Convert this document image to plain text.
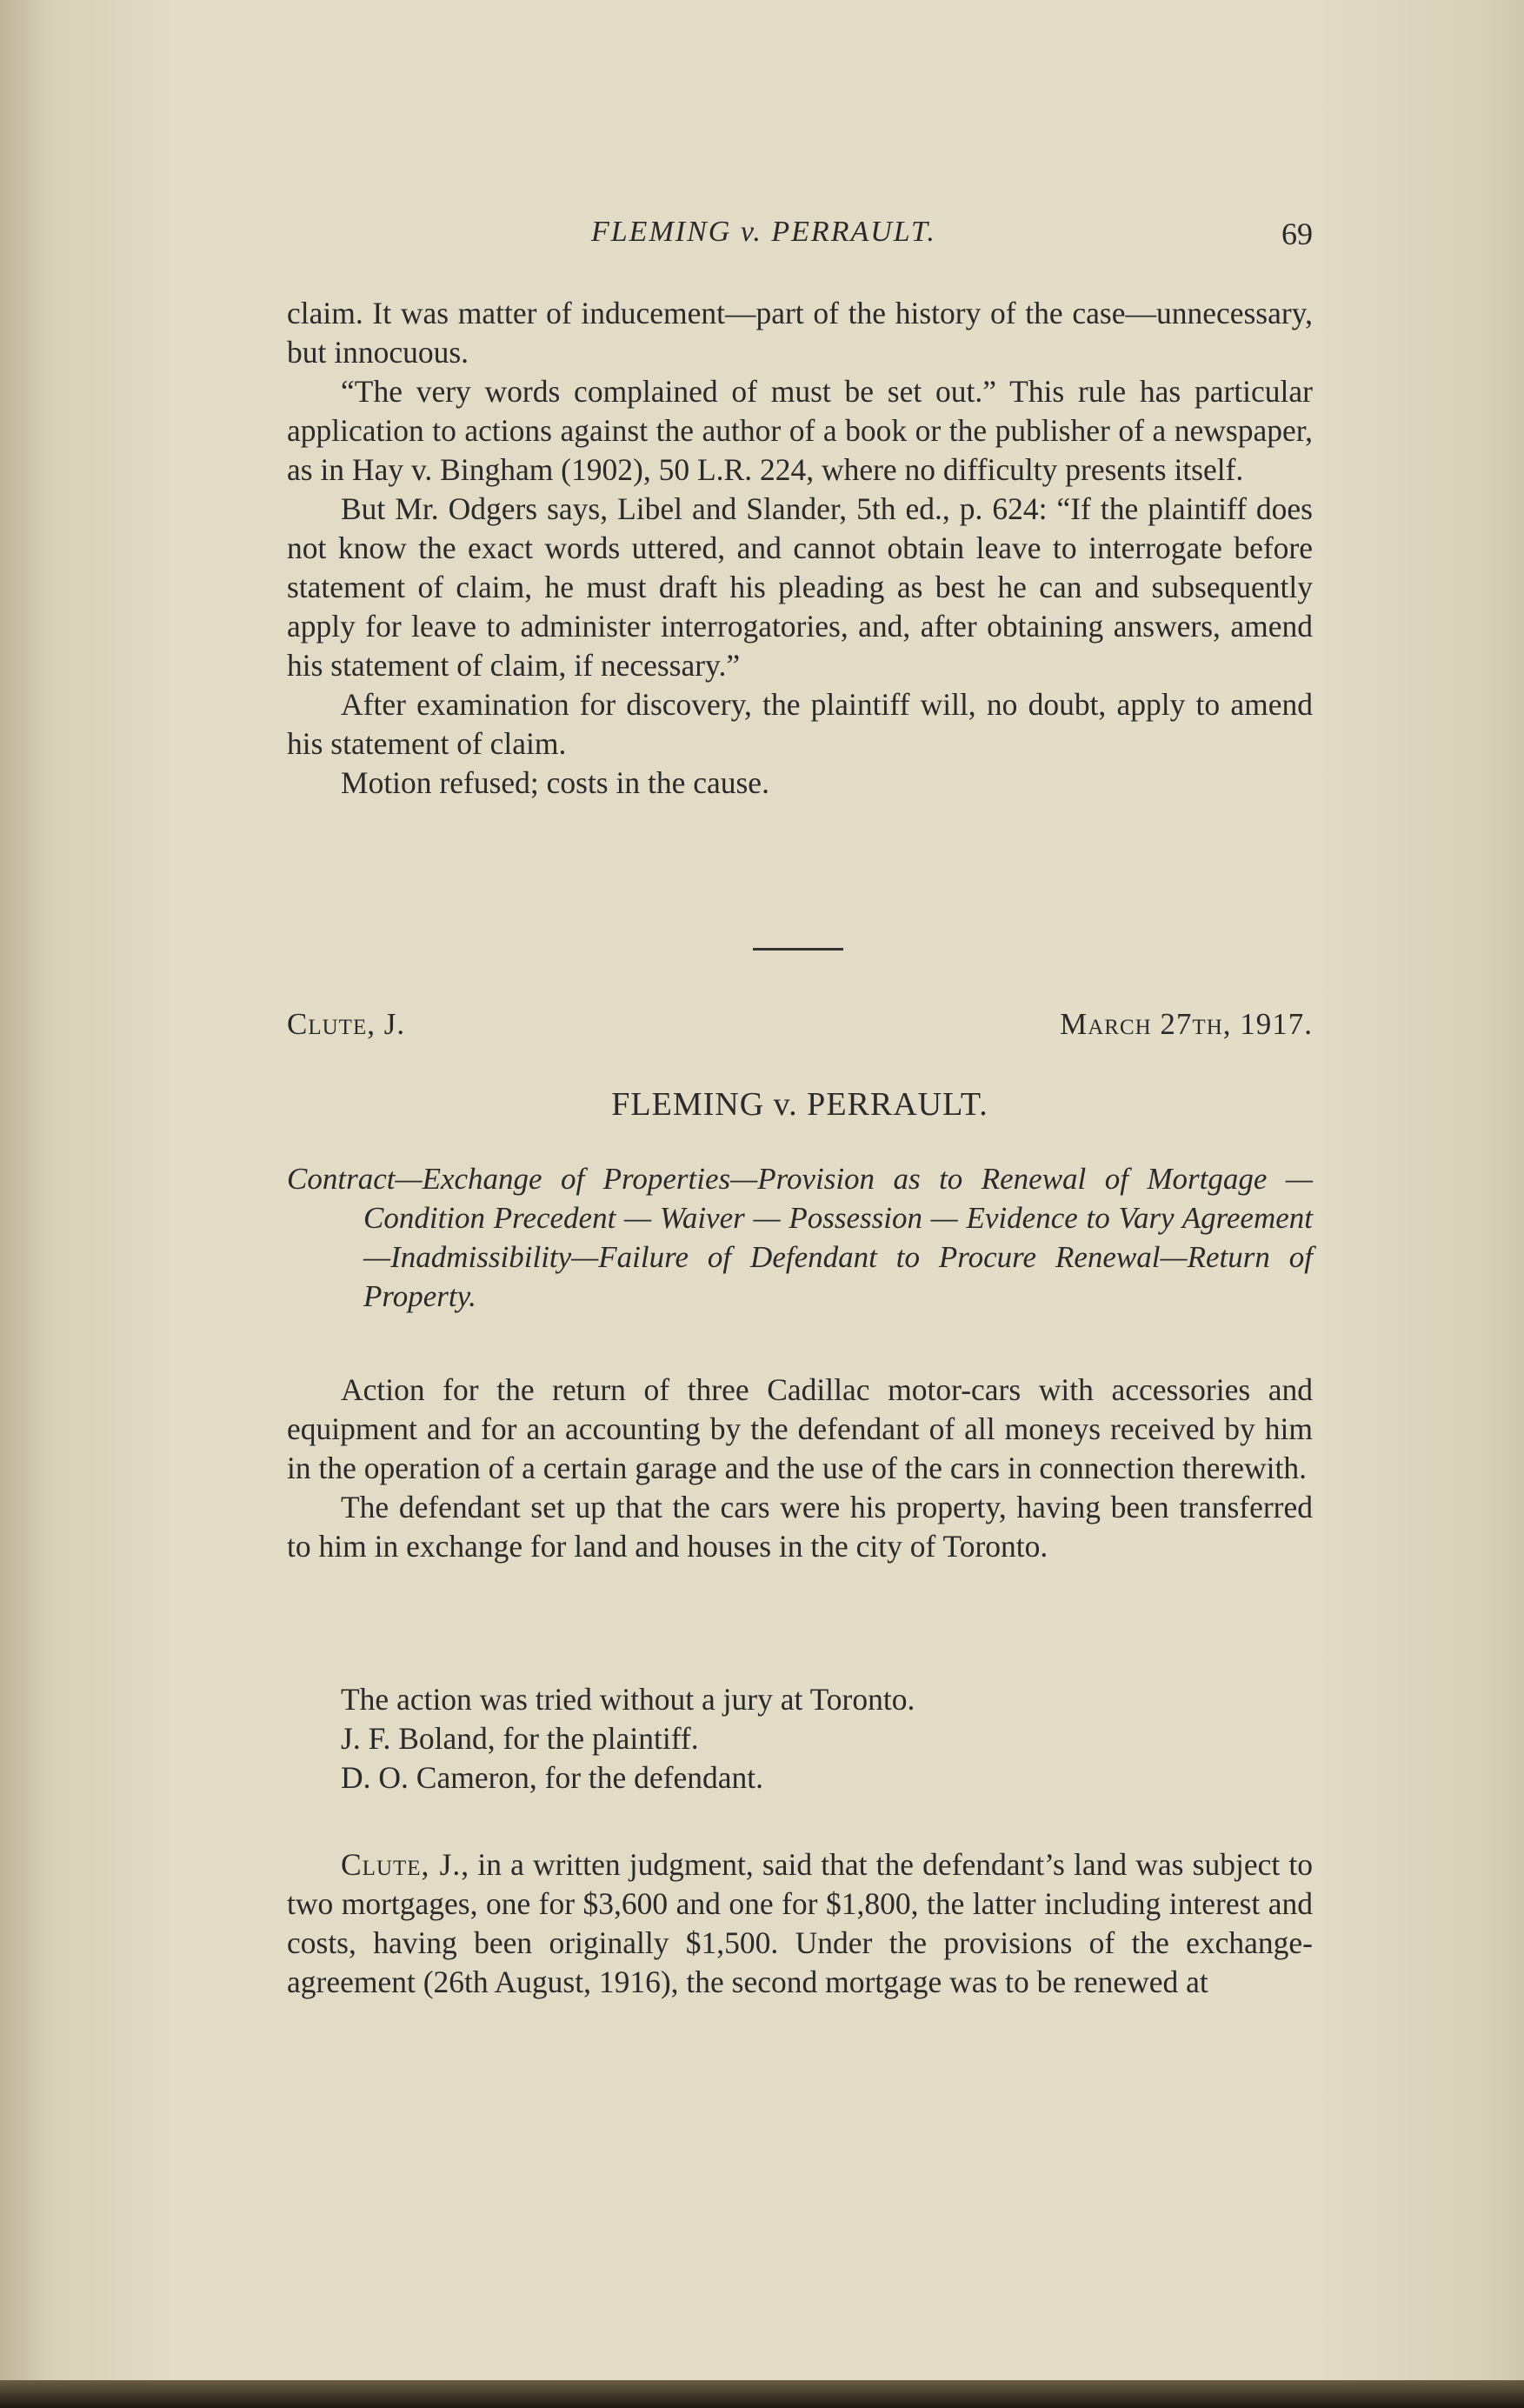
FLEMING v. PERRAULT.	69

claim. It was matter of inducement—part of the history of the case—unnecessary, but innocuous.

“The very words complained of must be set out.” This rule has particular application to actions against the author of a book or the publisher of a newspaper, as in Hay v. Bingham (1902), 50 L.R. 224, where no difficulty presents itself.

But Mr. Odgers says, Libel and Slander, 5th ed., p. 624: “If the plaintiff does not know the exact words uttered, and cannot obtain leave to interrogate before statement of claim, he must draft his pleading as best he can and subsequently apply for leave to administer interrogatories, and, after obtaining answers, amend his statement of claim, if necessary.”

After examination for discovery, the plaintiff will, no doubt, apply to amend his statement of claim.

Motion refused; costs in the cause.

Clute, J.	March 27th, 1917.
FLEMING v. PERRAULT.
Contract—Exchange of Properties—Provision as to Renewal of Mortgage — Condition Precedent — Waiver — Possession — Evidence to Vary Agreement—Inadmissibility—Failure of Defendant to Procure Renewal—Return of Property.

Action for the return of three Cadillac motor-cars with accessories and equipment and for an accounting by the defendant of all moneys received by him in the operation of a certain garage and the use of the cars in connection therewith.

The defendant set up that the cars were his property, having been transferred to him in exchange for land and houses in the city of Toronto.

The action was tried without a jury at Toronto.

J. F. Boland, for the plaintiff.

D. O. Cameron, for the defendant.

Clute, J., in a written judgment, said that the defendant’s land was subject to two mortgages, one for $3,600 and one for $1,800, the latter including interest and costs, having been originally $1,500. Under the provisions of the exchange-agreement (26th August, 1916), the second mortgage was to be renewed at
